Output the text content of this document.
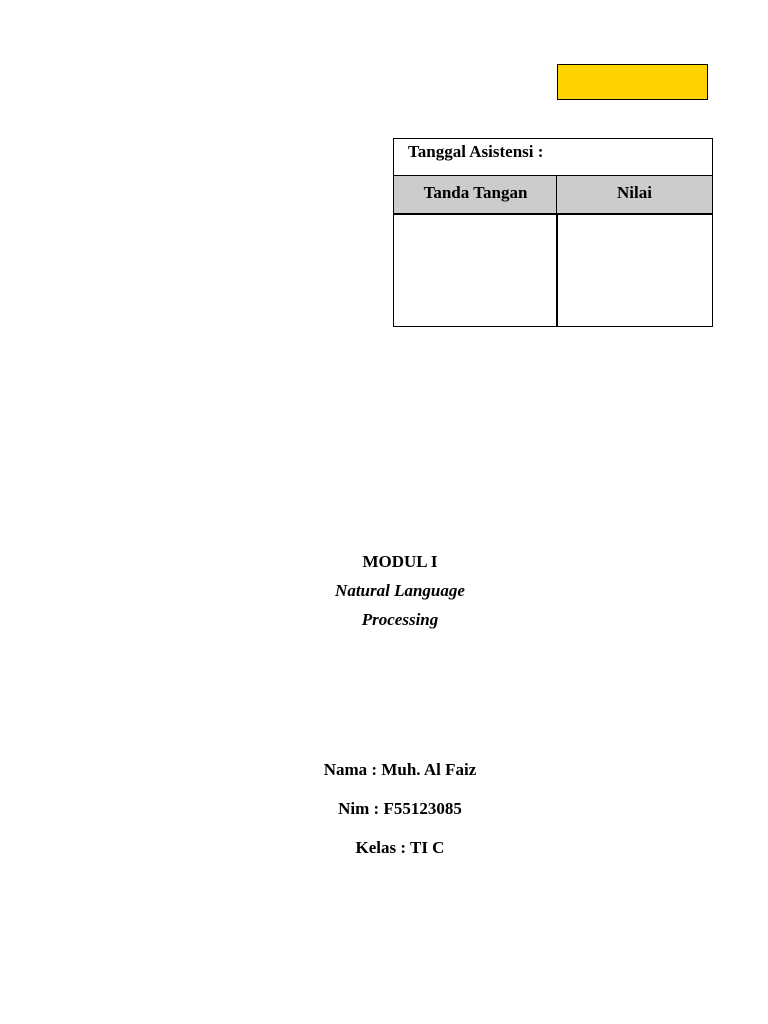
Tanggal Asistensi :
Tanda Tangan	Nilai
MODUL I
Natural Language
Processing
Nama : Muh. Al Faiz
Nim : F55123085
Kelas : TI C
